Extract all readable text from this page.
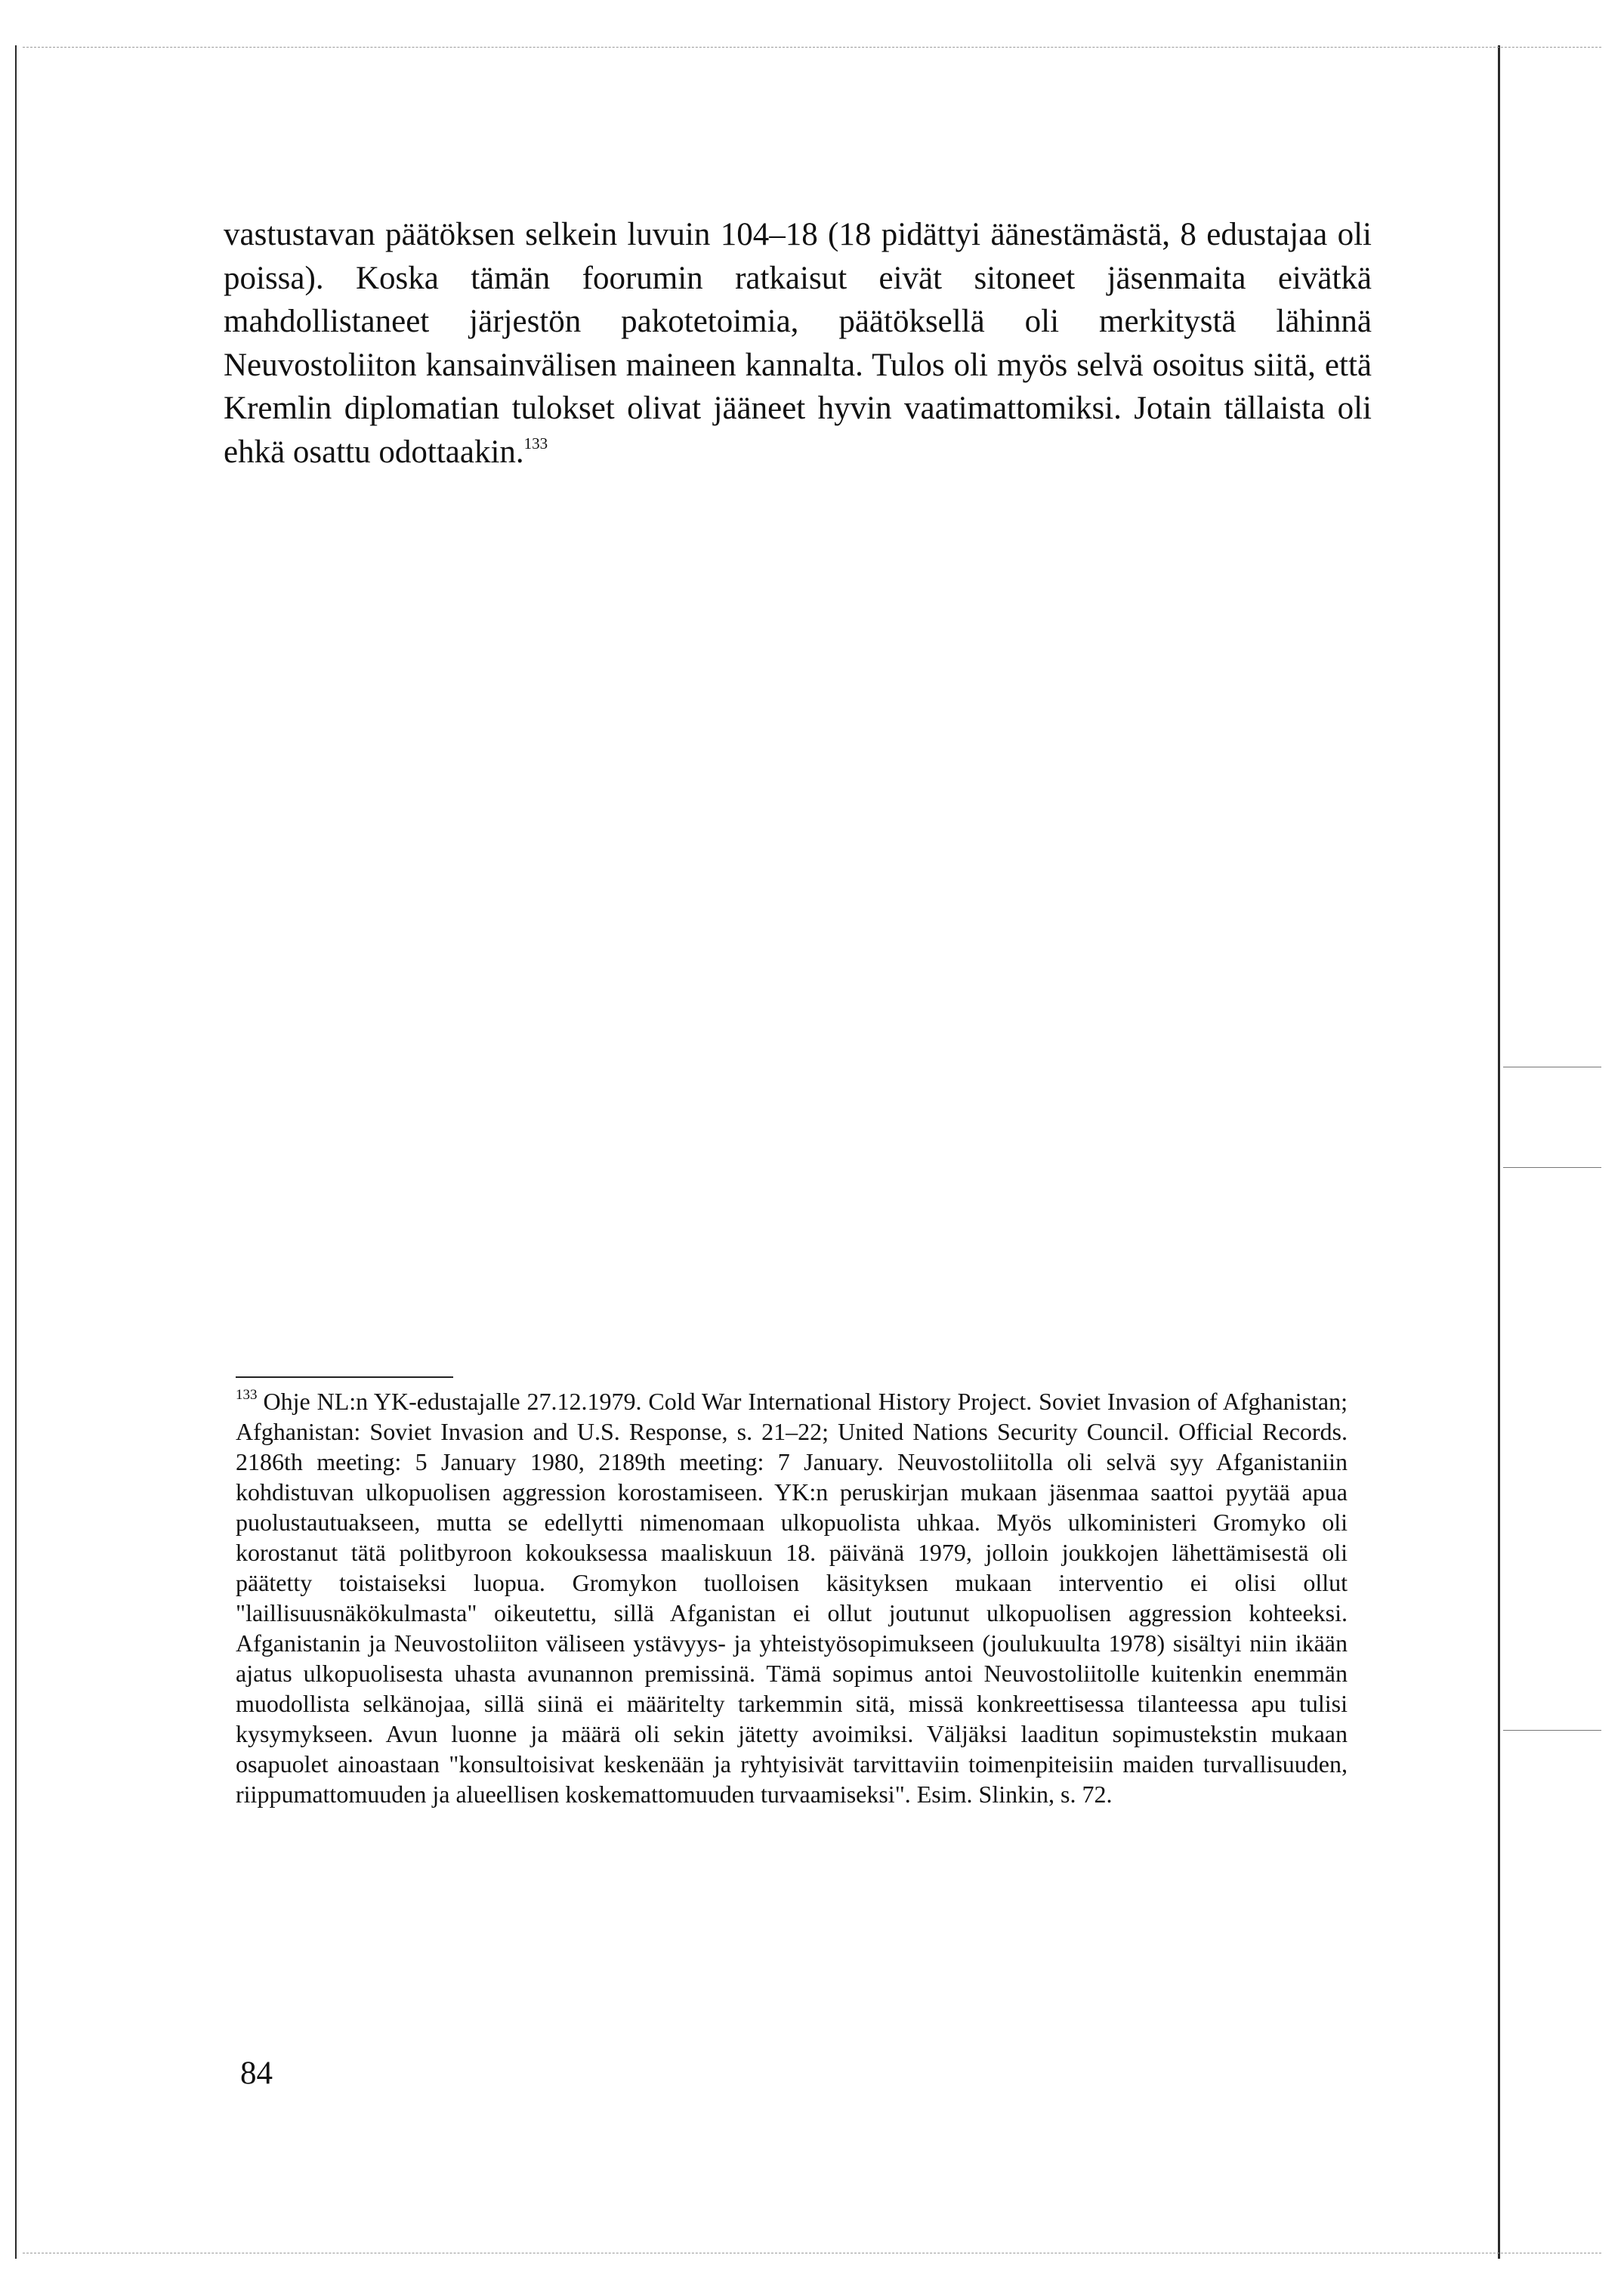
vastustavan päätöksen selkein luvuin 104–18 (18 pidättyi äänestämästä, 8 edustajaa oli poissa). Koska tämän foorumin ratkaisut eivät sitoneet jäsenmaita eivätkä mahdollistaneet järjestön pakotetoimia, päätöksellä oli merkitystä lähinnä Neuvostoliiton kansainvälisen maineen kannalta. Tulos oli myös selvä osoitus siitä, että Kremlin diplomatian tulokset olivat jääneet hyvin vaatimattomiksi. Jotain tällaista oli ehkä osattu odottaakin.$^{133}$

$^{133}$ Ohje NL:n YK-edustajalle 27.12.1979. Cold War International History Project. Soviet Invasion of Afghanistan; Afghanistan: Soviet Invasion and U.S. Response, s. 21–22; United Nations Security Council. Official Records. 2186th meeting: 5 January 1980, 2189th meeting: 7 January. Neuvostoliitolla oli selvä syy Afganistaniin kohdistuvan ulkopuolisen aggression korostamiseen. YK:n peruskirjan mukaan jäsenmaa saattoi pyytää apua puolustautuakseen, mutta se edellytti nimenomaan ulkopuolista uhkaa. Myös ulkoministeri Gromyko oli korostanut tätä politbyroon kokouksessa maaliskuun 18. päivänä 1979, jolloin joukkojen lähettämisestä oli päätetty toistaiseksi luopua. Gromykon tuolloisen käsityksen mukaan interventio ei olisi ollut "laillisuusnäkökulmasta" oikeutettu, sillä Afganistan ei ollut joutunut ulkopuolisen aggression kohteeksi. Afganistanin ja Neuvostoliiton väliseen ystävyys- ja yhteistyösopimukseen (joulukuulta 1978) sisältyi niin ikään ajatus ulkopuolisesta uhasta avunannon premissinä. Tämä sopimus antoi Neuvostoliitolle kuitenkin enemmän muodollista selkänojaa, sillä siinä ei määritelty tarkemmin sitä, missä konkreettisessa tilanteessa apu tulisi kysymykseen. Avun luonne ja määrä oli sekin jätetty avoimiksi. Väljäksi laaditun sopimustekstin mukaan osapuolet ainoastaan "konsultoisivat keskenään ja ryhtyisivät tarvittaviin toimenpiteisiin maiden turvallisuuden, riippumattomuuden ja alueellisen koskemattomuuden turvaamiseksi". Esim. Slinkin, s. 72.

84
